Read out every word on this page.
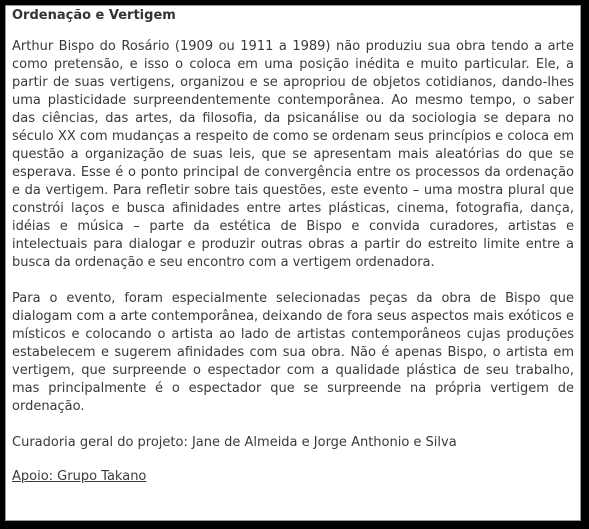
Ordenação e Vertigem

Arthur Bispo do Rosário (1909 ou 1911 a 1989) não produziu sua obra tendo a arte como pretensão, e isso o coloca em uma posição inédita e muito particular. Ele, a partir de suas vertigens, organizou e se apropriou de objetos cotidianos, dando-lhes uma plasticidade surpreendentemente contemporânea. Ao mesmo tempo, o saber das ciências, das artes, da filosofia, da psicanálise ou da sociologia se depara no século XX com mudanças a respeito de como se ordenam seus princípios e coloca em questão a organização de suas leis, que se apresentam mais aleatórias do que se esperava. Esse é o ponto principal de convergência entre os processos da ordenação e da vertigem. Para refletir sobre tais questões, este evento – uma mostra plural que constrói laços e busca afinidades entre artes plásticas, cinema, fotografia, dança, idéias e música – parte da estética de Bispo e convida curadores, artistas e intelectuais para dialogar e produzir outras obras a partir do estreito limite entre a busca da ordenação e seu encontro com a vertigem ordenadora.

Para o evento, foram especialmente selecionadas peças da obra de Bispo que dialogam com a arte contemporânea, deixando de fora seus aspectos mais exóticos e místicos e colocando o artista ao lado de artistas contemporâneos cujas produções estabelecem e sugerem afinidades com sua obra. Não é apenas Bispo, o artista em vertigem, que surpreende o espectador com a qualidade plástica de seu trabalho, mas principalmente é o espectador que se surpreende na própria vertigem de ordenação.

Curadoria geral do projeto: Jane de Almeida e Jorge Anthonio e Silva

Apoio: Grupo Takano
